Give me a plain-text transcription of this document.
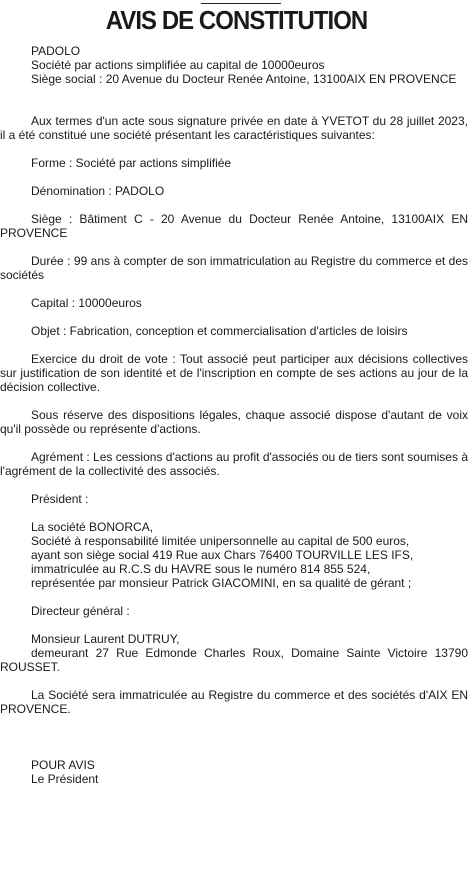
AVIS DE CONSTITUTION

PADOLO

Société par actions simplifiée au capital de 10000euros

Siège social : 20 Avenue du Docteur Renée Antoine, 13100AIX EN PROVENCE

Aux termes d'un acte sous signature privée en date à YVETOT du 28 juillet 2023, il a été constitué une société présentant les caractéristiques suivantes:

Forme : Société par actions simplifiée

Dénomination : PADOLO

Siège : Bâtiment C - 20 Avenue du Docteur Renée Antoine, 13100AIX EN PROVENCE

Durée : 99 ans à compter de son immatriculation au Registre du commerce et des sociétés

Capital : 10000euros

Objet : Fabrication, conception et commercialisation d'articles de loisirs

Exercice du droit de vote : Tout associé peut participer aux décisions collectives sur justification de son identité et de l'inscription en compte de ses actions au jour de la décision collective.

Sous réserve des dispositions légales, chaque associé dispose d'autant de voix qu'il possède ou représente d'actions.

Agrément : Les cessions d'actions au profit d'associés ou de tiers sont soumises à l'agrément de la collectivité des associés.

Président :

La société BONORCA,

Société à responsabilité limitée unipersonnelle au capital de 500 euros,

ayant son siège social 419 Rue aux Chars 76400 TOURVILLE LES IFS,

immatriculée au R.C.S du HAVRE sous le numéro 814 855 524,

représentée par monsieur Patrick GIACOMINI, en sa qualité de gérant ;

Directeur général :

Monsieur Laurent DUTRUY,

demeurant 27 Rue Edmonde Charles Roux, Domaine Sainte Victoire 13790 ROUSSET.

La Société sera immatriculée au Registre du commerce et des sociétés d'AIX EN PROVENCE.

POUR AVIS

Le Président
